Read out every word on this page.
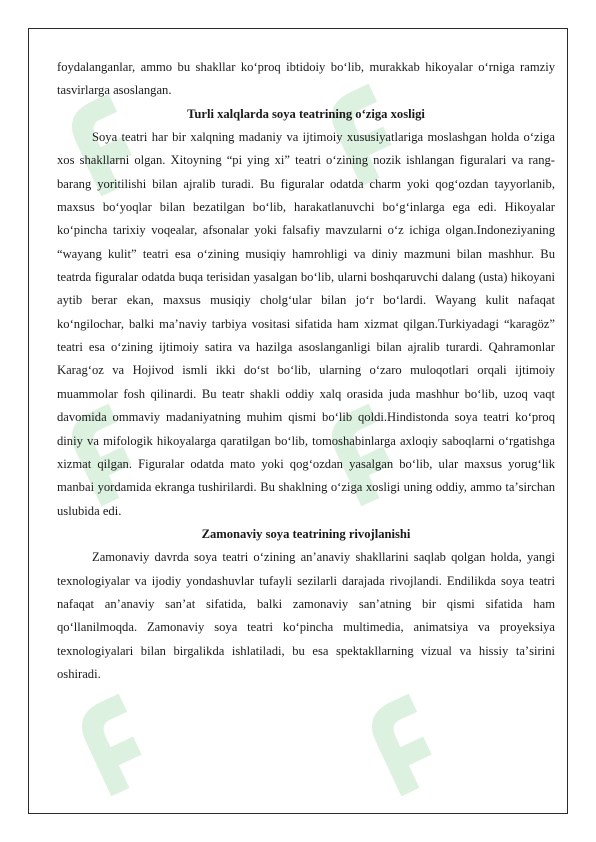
foydalanganlar, ammo bu shakllar koʻproq ibtidoiy boʻlib, murakkab hikoyalar oʻrniga ramziy tasvirlarga asoslangan.

Turli xalqlarda soya teatrining oʻziga xosligi

Soya teatri har bir xalqning madaniy va ijtimoiy xususiyatlariga moslashgan holda oʻziga xos shakllarni olgan. Xitoyning “pi ying xi” teatri oʻzining nozik ishlangan figuralari va rang-barang yoritilishi bilan ajralib turadi. Bu figuralar odatda charm yoki qogʻozdan tayyorlanib, maxsus boʻyoqlar bilan bezatilgan boʻlib, harakatlanuvchi boʻgʻinlarga ega edi. Hikoyalar koʻpincha tarixiy voqealar, afsonalar yoki falsafiy mavzularni oʻz ichiga olgan.Indoneziyaning “wayang kulit” teatri esa oʻzining musiqiy hamrohligi va diniy mazmuni bilan mashhur. Bu teatrda figuralar odatda buqa terisidan yasalgan boʻlib, ularni boshqaruvchi dalang (usta) hikoyani aytib berar ekan, maxsus musiqiy cholgʻular bilan joʻr boʻlardi. Wayang kulit nafaqat koʻngilochar, balki maʼnaviy tarbiya vositasi sifatida ham xizmat qilgan.Turkiyadagi “karagöz” teatri esa oʻzining ijtimoiy satira va hazilga asoslanganligi bilan ajralib turardi. Qahramonlar Karagʻoz va Hojivod ismli ikki doʻst boʻlib, ularning oʻzaro muloqotlari orqali ijtimoiy muammolar fosh qilinardi. Bu teatr shakli oddiy xalq orasida juda mashhur boʻlib, uzoq vaqt davomida ommaviy madaniyatning muhim qismi boʻlib qoldi.Hindistonda soya teatri koʻproq diniy va mifologik hikoyalarga qaratilgan boʻlib, tomoshabinlarga axloqiy saboqlarni oʻrgatishga xizmat qilgan. Figuralar odatda mato yoki qogʻozdan yasalgan boʻlib, ular maxsus yorugʻlik manbai yordamida ekranga tushirilardi. Bu shaklning oʻziga xosligi uning oddiy, ammo taʼsirchan uslubida edi.

Zamonaviy soya teatrining rivojlanishi

Zamonaviy davrda soya teatri oʻzining anʼanaviy shakllarini saqlab qolgan holda, yangi texnologiyalar va ijodiy yondashuvlar tufayli sezilarli darajada rivojlandi. Endilikda soya teatri nafaqat anʼanaviy sanʼat sifatida, balki zamonaviy sanʼatning bir qismi sifatida ham qoʻllanilmoqda. Zamonaviy soya teatri koʻpincha multimedia, animatsiya va proyeksiya texnologiyalari bilan birgalikda ishlatiladi, bu esa spektakllarning vizual va hissiy taʼsirini oshiradi.
